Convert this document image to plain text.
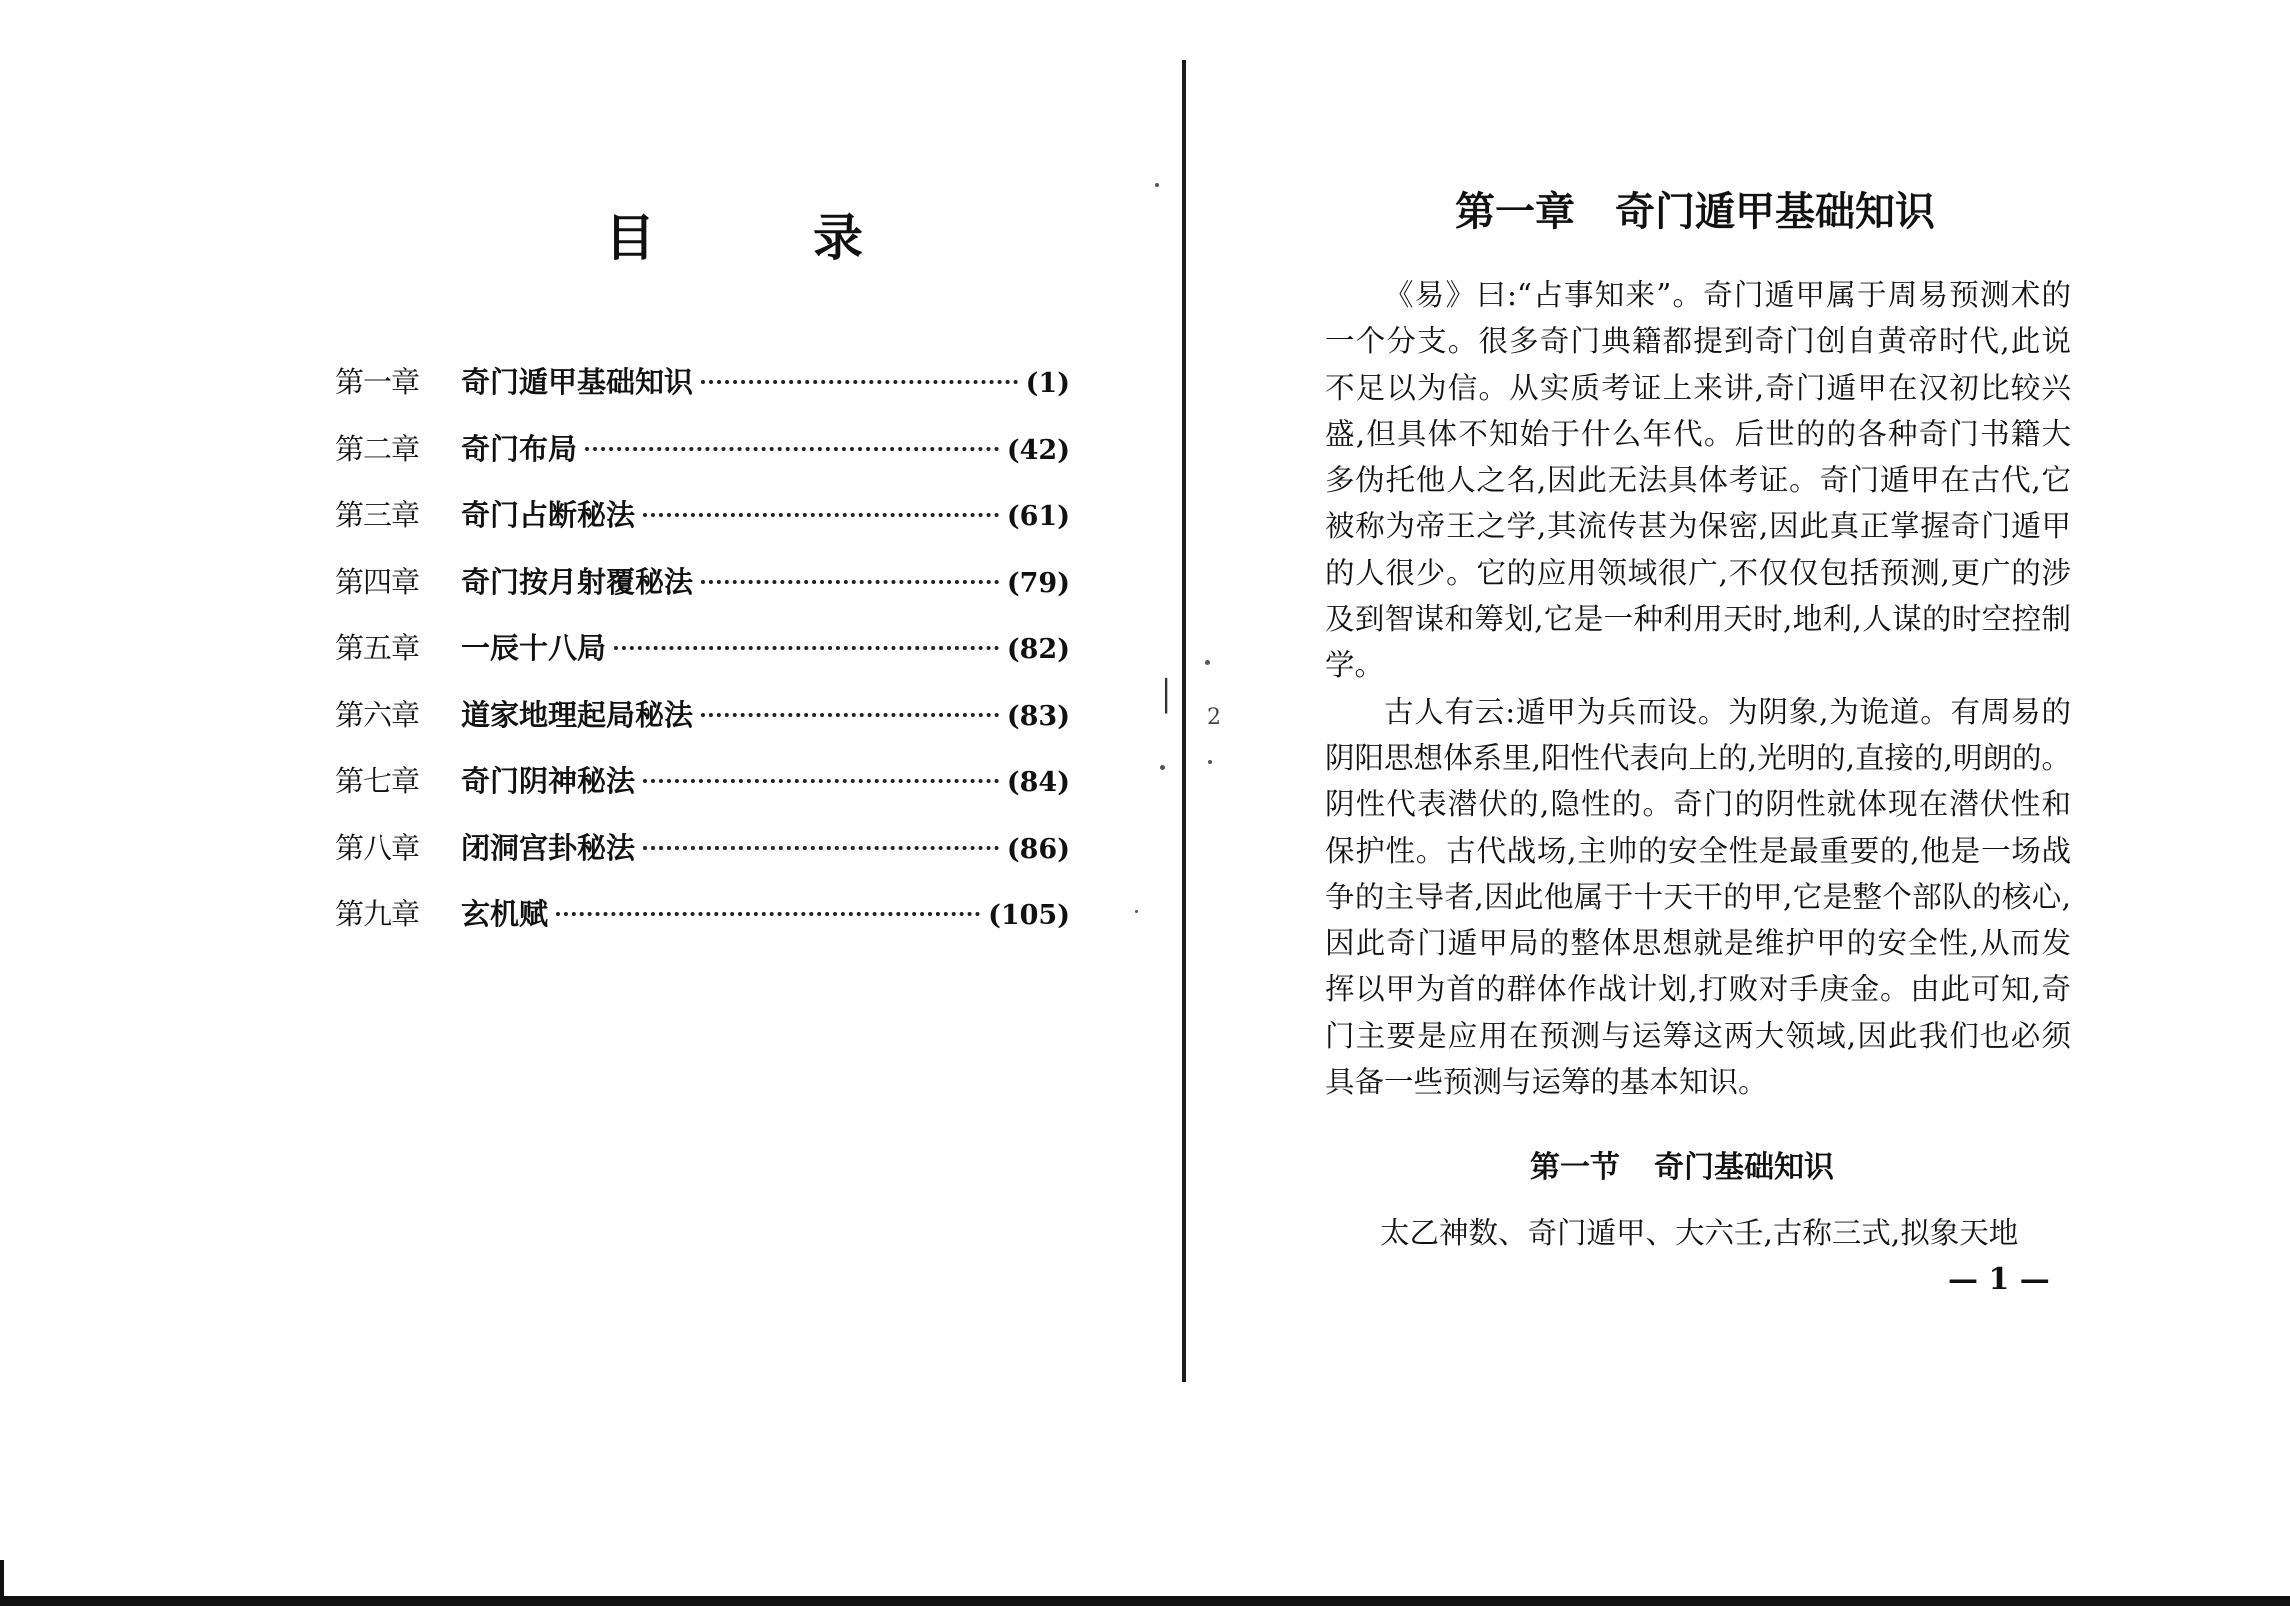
目	录
第一章	奇门遁甲基础知识	(1)
第二章	奇门布局	(42)
第三章	奇门占断秘法	(61)
第四章	奇门按月射覆秘法	(79)
第五章	一辰十八局	(82)
第六章	道家地理起局秘法	(83)
第七章	奇门阴神秘法	(84)
第八章	闭洞宫卦秘法	(86)
第九章	玄机赋	(105)
│
2
第一章 奇门遁甲基础知识

《易》曰:“占事知来”。奇门遁甲属于周易预测术的一个分支。很多奇门典籍都提到奇门创自黄帝时代,此说不足以为信。从实质考证上来讲,奇门遁甲在汉初比较兴盛,但具体不知始于什么年代。后世的的各种奇门书籍大多伪托他人之名,因此无法具体考证。奇门遁甲在古代,它被称为帝王之学,其流传甚为保密,因此真正掌握奇门遁甲的人很少。它的应用领域很广,不仅仅包括预测,更广的涉及到智谋和筹划,它是一种利用天时,地利,人谋的时空控制学。

古人有云:遁甲为兵而设。为阴象,为诡道。有周易的阴阳思想体系里,阳性代表向上的,光明的,直接的,明朗的。阴性代表潜伏的,隐性的。奇门的阴性就体现在潜伏性和保护性。古代战场,主帅的安全性是最重要的,他是一场战争的主导者,因此他属于十天干的甲,它是整个部队的核心,因此奇门遁甲局的整体思想就是维护甲的安全性,从而发挥以甲为首的群体作战计划,打败对手庚金。由此可知,奇门主要是应用在预测与运筹这两大领域,因此我们也必须具备一些预测与运筹的基本知识。

第一节 奇门基础知识
太乙神数、奇门遁甲、大六壬,古称三式,拟象天地
— 1 —
